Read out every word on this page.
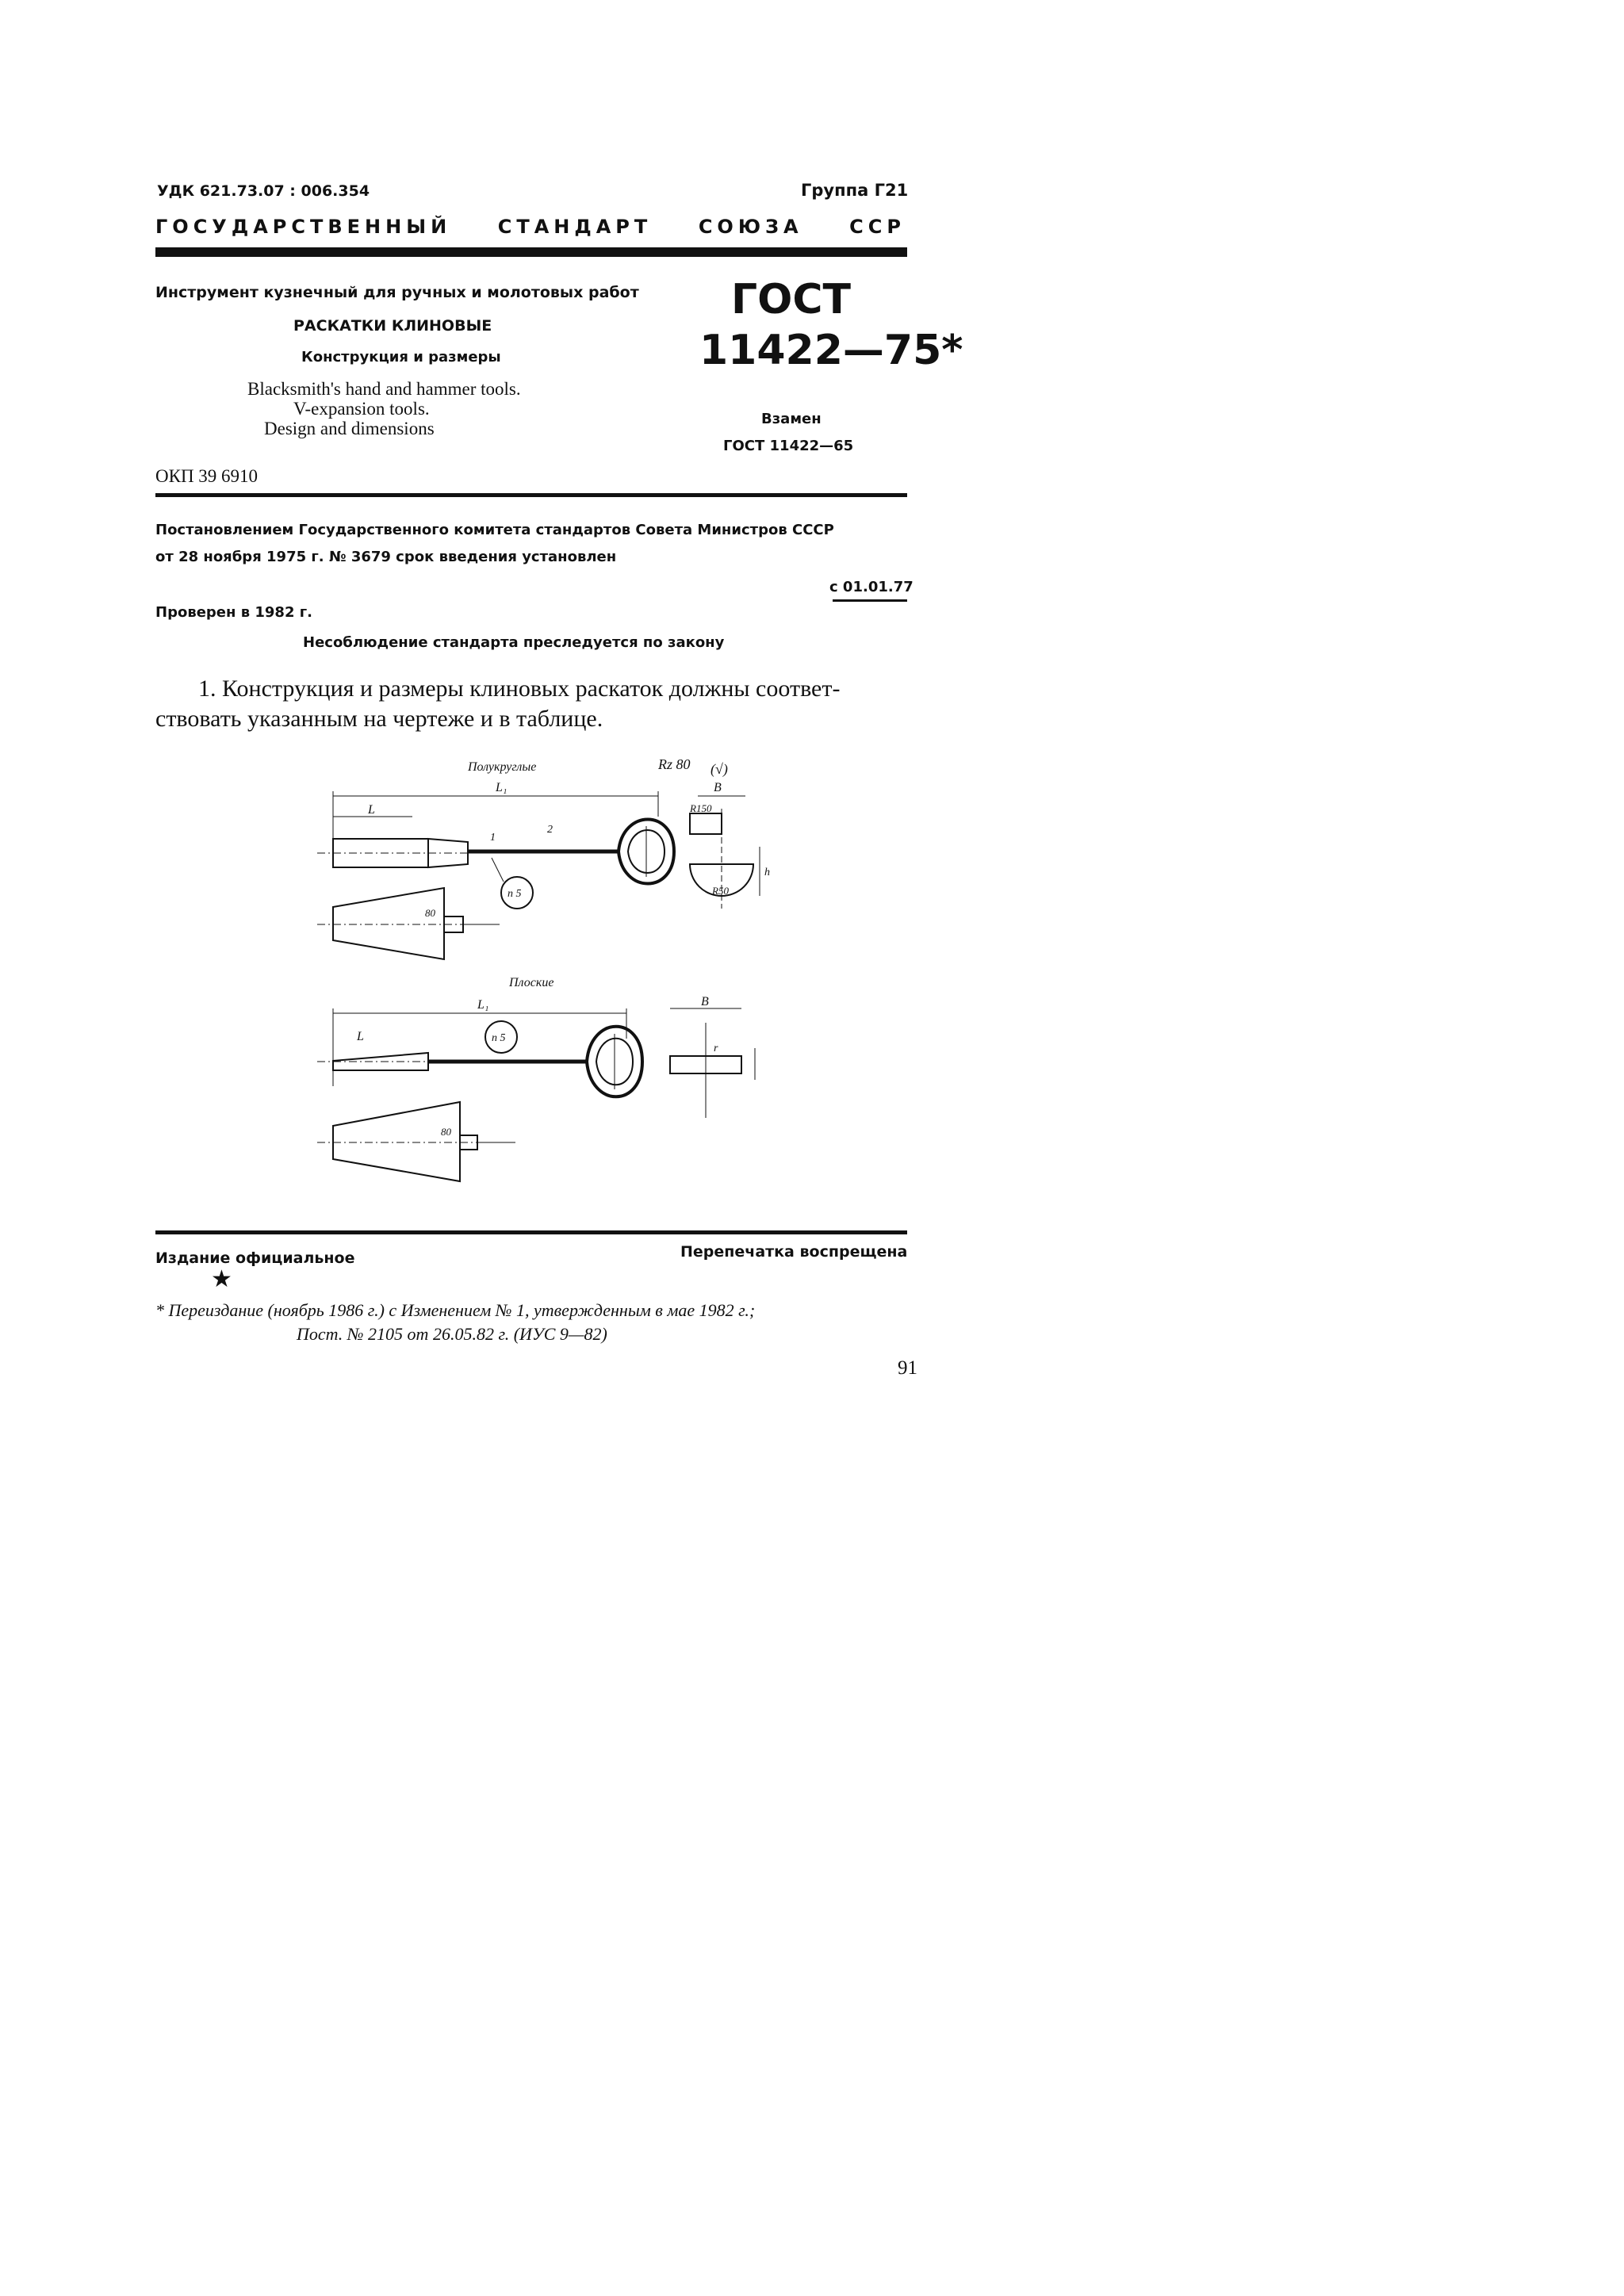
УДК 621.73.07 : 006.354	Группа Г21
ГОСУДАРСТВЕННЫЙ СТАНДАРТ СОЮЗА ССР
Инструмент кузнечный для ручных и молотовых работ
РАСКАТКИ КЛИНОВЫЕ
Конструкция и размеры
Blacksmith's hand and hammer tools.
V-expansion tools.
Design and dimensions
ГОСТ
11422—75*
Взамен
ГОСТ 11422—65
ОКП 39 6910
Постановлением Государственного комитета стандартов Совета Министров СССР
от 28 ноября 1975 г. № 3679 срок введения установлен
с 01.01.77
Проверен в 1982 г.
Несоблюдение стандарта преследуется по закону
1. Конструкция и размеры клиновых раскаток должны соответ-
ствовать указанным на чертеже и в таблице.
Полукруглые	Rz 80 (√)
L₁	B
L	R150
R50
n 5
1
2
h
80
Плоские
L₁	B
L	n 5
r
80
Издание официальное	Перепечатка воспрещена
★
* Переиздание (ноябрь 1986 г.) с Изменением № 1, утвержденным в мае 1982 г.;
Пост. № 2105 от 26.05.82 г. (ИУС 9—82)
91
